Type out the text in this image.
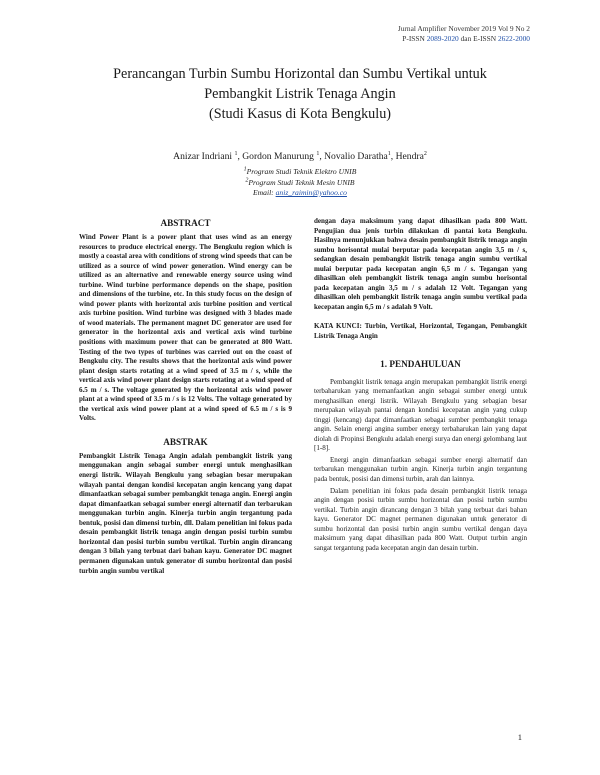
Jurnal Amplifier November 2019 Vol 9 No 2
P-ISSN 2089-2020 dan E-ISSN 2622-2000
Perancangan Turbin Sumbu Horizontal dan Sumbu Vertikal untuk
Pembangkit Listrik Tenaga Angin
(Studi Kasus di Kota Bengkulu)
Anizar Indriani $^1$, Gordon Manurung $^1$, Novalio Daratha$^1$, Hendra$^2$
$^1$Program Studi Teknik Elektro UNIB
$^2$Program Studi Teknik Mesin UNIB
Email: aniz_raimin@yahoo.co
ABSTRACT

Wind Power Plant is a power plant that uses wind as an energy resources to produce electrical energy. The Bengkulu region which is mostly a coastal area with conditions of strong wind speeds that can be utilized as a source of wind power generation. Wind energy can be utilized as an alternative and renewable energy source using wind turbine. Wind turbine performance depends on the shape, position and dimensions of the turbine, etc. In this study focus on the design of wind power plants with horizontal axis turbine position and vertical axis turbine position. Wind turbine was designed with 3 blades made of wood materials. The permanent magnet DC generator are used for generator in the horizontal axis and vertical axis wind turbine positions with maximum power that can be generated at 800 Watt. Testing of the two types of turbines was carried out on the coast of Bengkulu city. The results shows that the horizontal axis wind power plant design starts rotating at a wind speed of 3.5 m / s, while the vertical axis wind power plant design starts rotating at a wind speed of 6.5 m / s. The voltage generated by the horizontal axis wind power plant at a wind speed of 3.5 m / s is 12 Volts. The voltage generated by the vertical axis wind power plant at a wind speed of 6.5 m / s is 9 Volts.

ABSTRAK

Pembangkit Listrik Tenaga Angin adalah pembangkit listrik yang menggunakan angin sebagai sumber energi untuk menghasilkan energi listrik. Wilayah Bengkulu yang sebagian besar merupakan wilayah pantai dengan kondisi kecepatan angin kencang yang dapat dimanfaatkan sebagai sumber pembangkit tenaga angin. Energi angin dapat dimanfaatkan sebagai sumber energi alternatif dan terbarukan menggunakan turbin angin. Kinerja turbin angin tergantung pada bentuk, posisi dan dimensi turbin, dll. Dalam penelitian ini fokus pada desain pembangkit listrik tenaga angin dengan posisi turbin sumbu horizontal dan posisi turbin sumbu vertikal. Turbin angin dirancang dengan 3 bilah yang terbuat dari bahan kayu. Generator DC magnet permanen digunakan untuk generator di sumbu horizontal dan posisi turbin angin sumbu vertikal

dengan daya maksimum yang dapat dihasilkan pada 800 Watt. Pengujian dua jenis turbin dilakukan di pantai kota Bengkulu. Hasilnya menunjukkan bahwa desain pembangkit listrik tenaga angin sumbu horisontal mulai berputar pada kecepatan angin 3,5 m / s, sedangkan desain pembangkit listrik tenaga angin sumbu vertikal mulai berputar pada kecepatan angin 6,5 m / s. Tegangan yang dihasilkan oleh pembangkit listrik tenaga angin sumbu horisontal pada kecepatan angin 3,5 m / s adalah 12 Volt. Tegangan yang dihasilkan oleh pembangkit listrik tenaga angin sumbu vertikal pada kecepatan angin 6,5 m / s adalah 9 Volt.

KATA KUNCI: Turbin, Vertikal, Horizontal, Tegangan, Pembangkit Listrik Tenaga Angin

1. PENDAHULUAN

Pembangkit listrik tenaga angin merupakan pembangkit listrik energi terbaharukan yang memanfaatkan angin sebagai sumber energi untuk menghasilkan energi listrik. Wilayah Bengkulu yang sebagian besar merupakan wilayah pantai dengan kondisi kecepatan angin yang cukup tinggi (kencang) dapat dimanfaatkan sebagai sumber pembangkit tenaga angin. Selain energi angina sumber energy terbaharukan lain yang dapat diolah di Propinsi Bengkulu adalah energi surya dan energi gelombang laut [1-8].

Energi angin dimanfaatkan sebagai sumber energi alternatif dan terbarukan menggunakan turbin angin. Kinerja turbin angin tergantung pada bentuk, posisi dan dimensi turbin, arah dan lainnya.

Dalam penelitian ini fokus pada desain pembangkit listrik tenaga angin dengan posisi turbin sumbu horizontal dan posisi turbin sumbu vertikal. Turbin angin dirancang dengan 3 bilah yang terbuat dari bahan kayu. Generator DC magnet permanen digunakan untuk generator di sumbu horizontal dan posisi turbin angin sumbu vertikal dengan daya maksimum yang dapat dihasilkan pada 800 Watt. Output turbin angin sangat tergantung pada kecepatan angin dan desain turbin.

1
